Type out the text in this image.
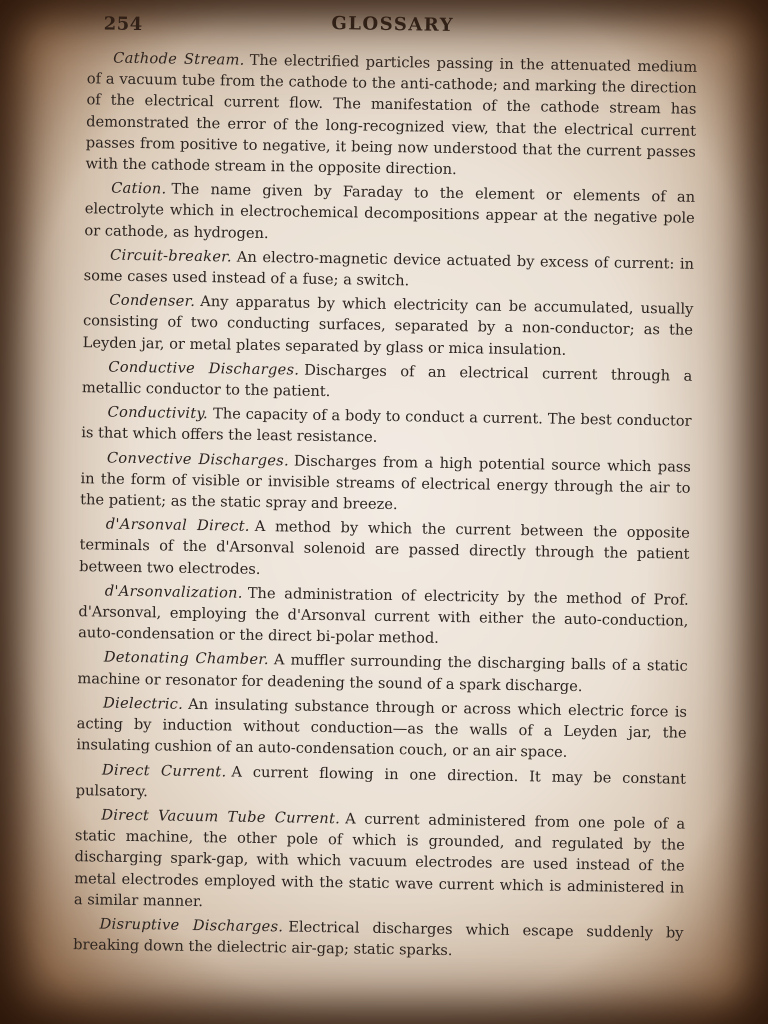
254	GLOSSARY

Cathode Stream. The electrified particles passing in the attenuated medium of a vacuum tube from the cathode to the anti-cathode; and marking the direction of the electrical current flow. The manifestation of the cathode stream has demonstrated the error of the long-recognized view, that the electrical current passes from positive to negative, it being now understood that the current passes with the cathode stream in the opposite direction.

Cation. The name given by Faraday to the element or elements of an electrolyte which in electrochemical decompositions appear at the negative pole or cathode, as hydrogen.

Circuit-breaker. An electro-magnetic device actuated by excess of current: in some cases used instead of a fuse; a switch.

Condenser. Any apparatus by which electricity can be accumulated, usually consisting of two conducting surfaces, separated by a non-conductor; as the Leyden jar, or metal plates separated by glass or mica insulation.

Conductive Discharges. Discharges of an electrical current through a metallic conductor to the patient.

Conductivity. The capacity of a body to conduct a current. The best conductor is that which offers the least resistance.

Convective Discharges. Discharges from a high potential source which pass in the form of visible or invisible streams of electrical energy through the air to the patient; as the static spray and breeze.

d'Arsonval Direct. A method by which the current between the opposite terminals of the d'Arsonval solenoid are passed directly through the patient between two electrodes.

d'Arsonvalization. The administration of electricity by the method of Prof. d'Arsonval, employing the d'Arsonval current with either the auto-conduction, auto-condensation or the direct bi-polar method.

Detonating Chamber. A muffler surrounding the discharging balls of a static machine or resonator for deadening the sound of a spark discharge.

Dielectric. An insulating substance through or across which electric force is acting by induction without conduction—as the walls of a Leyden jar, the insulating cushion of an auto-condensation couch, or an air space.

Direct Current. A current flowing in one direction. It may be constant pulsatory.

Direct Vacuum Tube Current. A current administered from one pole of a static machine, the other pole of which is grounded, and regulated by the discharging spark-gap, with which vacuum electrodes are used instead of the metal electrodes employed with the static wave current which is administered in a similar manner.

Disruptive Discharges. Electrical discharges which escape suddenly by breaking down the dielectric air-gap; static sparks.
